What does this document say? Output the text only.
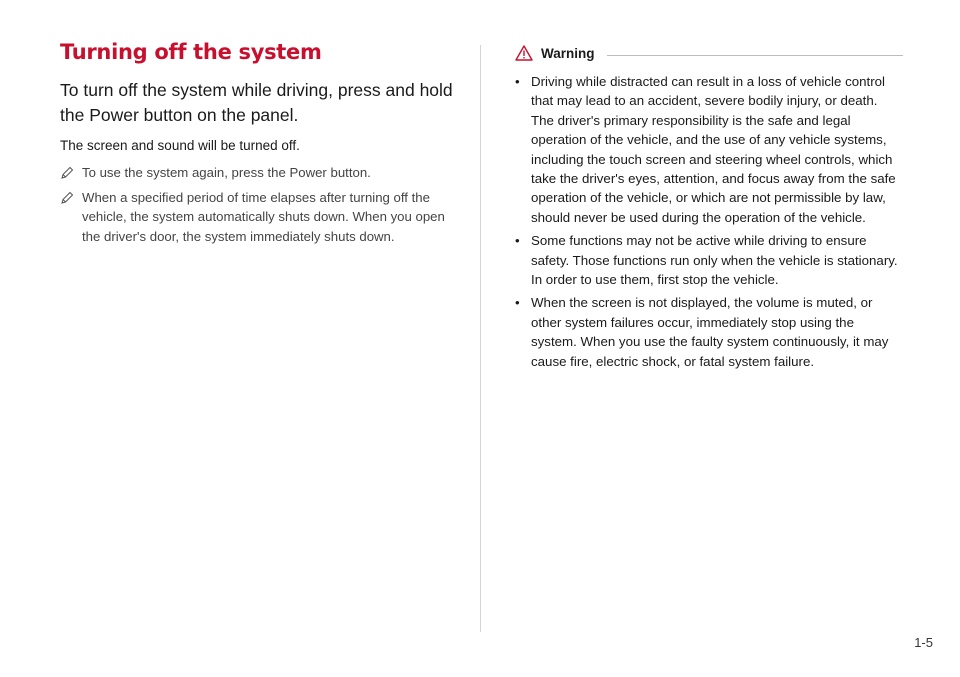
Turning off the system

To turn off the system while driving, press and hold the Power button on the panel.

The screen and sound will be turned off.

To use the system again, press the Power button.
When a specified period of time elapses after turning off the vehicle, the system automatically shuts down. When you open the driver's door, the system immediately shuts down.
Warning
• Driving while distracted can result in a loss of vehicle control that may lead to an accident, severe bodily injury, or death. The driver's primary responsibility is the safe and legal operation of the vehicle, and the use of any vehicle systems, including the touch screen and steering wheel controls, which take the driver's eyes, attention, and focus away from the safe operation of the vehicle, or which are not permissible by law, should never be used during the operation of the vehicle.
• Some functions may not be active while driving to ensure safety. Those functions run only when the vehicle is stationary. In order to use them, first stop the vehicle.
• When the screen is not displayed, the volume is muted, or other system failures occur, immediately stop using the system. When you use the faulty system continuously, it may cause fire, electric shock, or fatal system failure.
1-5
